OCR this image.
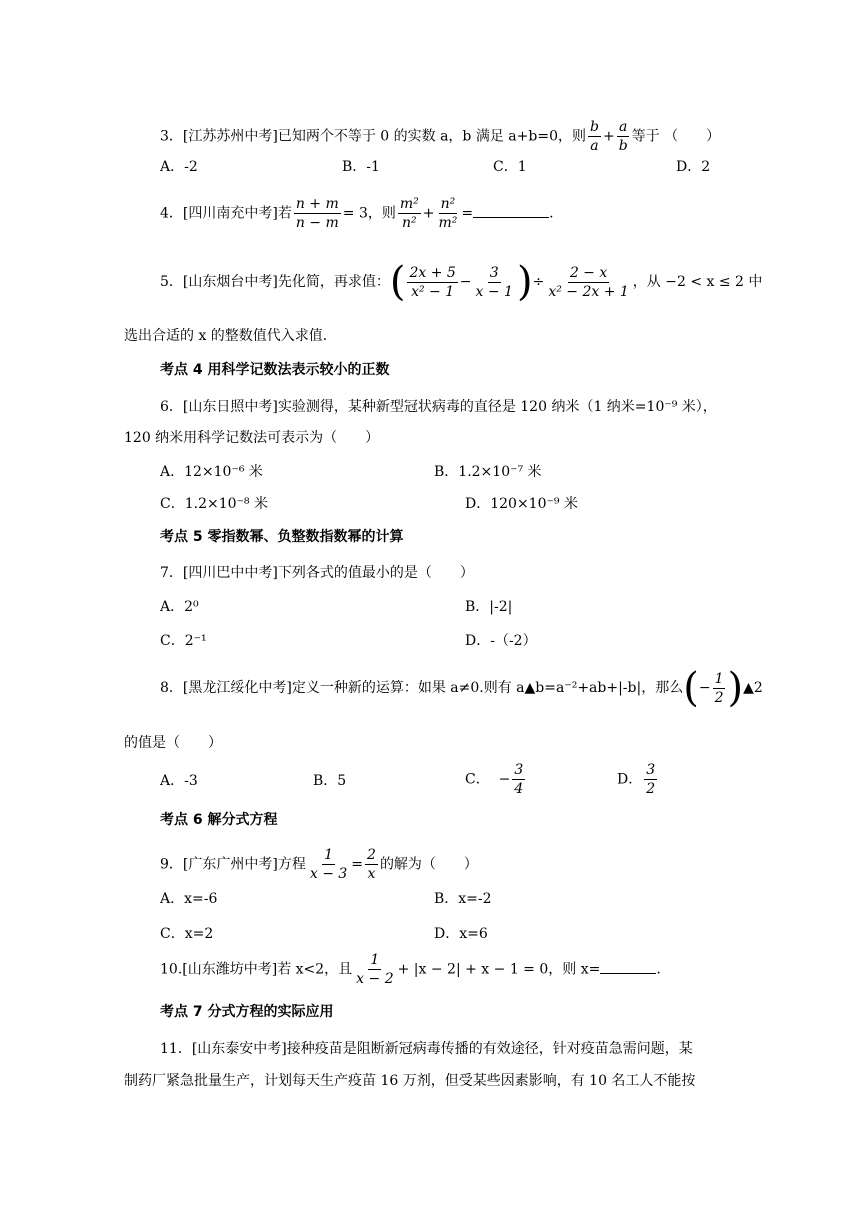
3．[江苏苏州中考]已知两个不等于 0 的实数 a，b 满足 a+b=0，则 $\frac{b}{a} + \frac{a}{b}$ 等于 （　　）
A．-2	B．-1	C．1	D．2
4．[四川南充中考]若 $\frac{n + m}{n - m} = 3$，则 $\frac{\text{m²}}{\text{n²}} + \frac{\text{n²}}{\text{m²}}$ =	.
5．[山东烟台中考]先化简，再求值：( $\frac{2x + 5}{\text{x² − 1}} - \frac{3}{x - 1}$ )÷ $\frac{2 - x}{\text{x² − 2x + 1}}$ ，从 −2 < x ≤ 2 中
选出合适的 x 的整数值代入求值．
考点 4 用科学记数法表示较小的正数
6．[山东日照中考]实验测得，某种新型冠状病毒的直径是 120 纳米（1 纳米=10⁻⁹ 米），
120 纳米用科学记数法可表示为（　　）
A．12×10⁻⁶ 米	B．1.2×10⁻⁷ 米
C．1.2×10⁻⁸ 米	D．120×10⁻⁹ 米
考点 5 零指数幂、负整数指数幂的计算
7．[四川巴中中考]下列各式的值最小的是（　　）
A．2⁰	B．|-2|
C．2⁻¹	D．-（-2）
8．[黑龙江绥化中考]定义一种新的运算：如果 a≠0.则有 a▲b=a⁻²+ab+|-b|，那么(− $\frac{1}{2}$ )▲2
的值是（　　）
A．-3	B．5	C． − $\frac{3}{4}$	D． $\frac{3}{2}$
考点 6 解分式方程
9．[广东广州中考]方程 $\frac{1}{x - 3} = \frac{2}{x}$ 的解为（　　）
A．x=-6	B．x=-2
C．x=2	D．x=6
10.[山东潍坊中考]若 x<2，且 $\frac{1}{x - 2} + |x - 2| + x - 1 = 0$，则 x=	.
考点 7 分式方程的实际应用
11．[山东泰安中考]接种疫苗是阻断新冠病毒传播的有效途径，针对疫苗急需问题，某
制药厂紧急批量生产，计划每天生产疫苗 16 万剂，但受某些因素影响，有 10 名工人不能按
